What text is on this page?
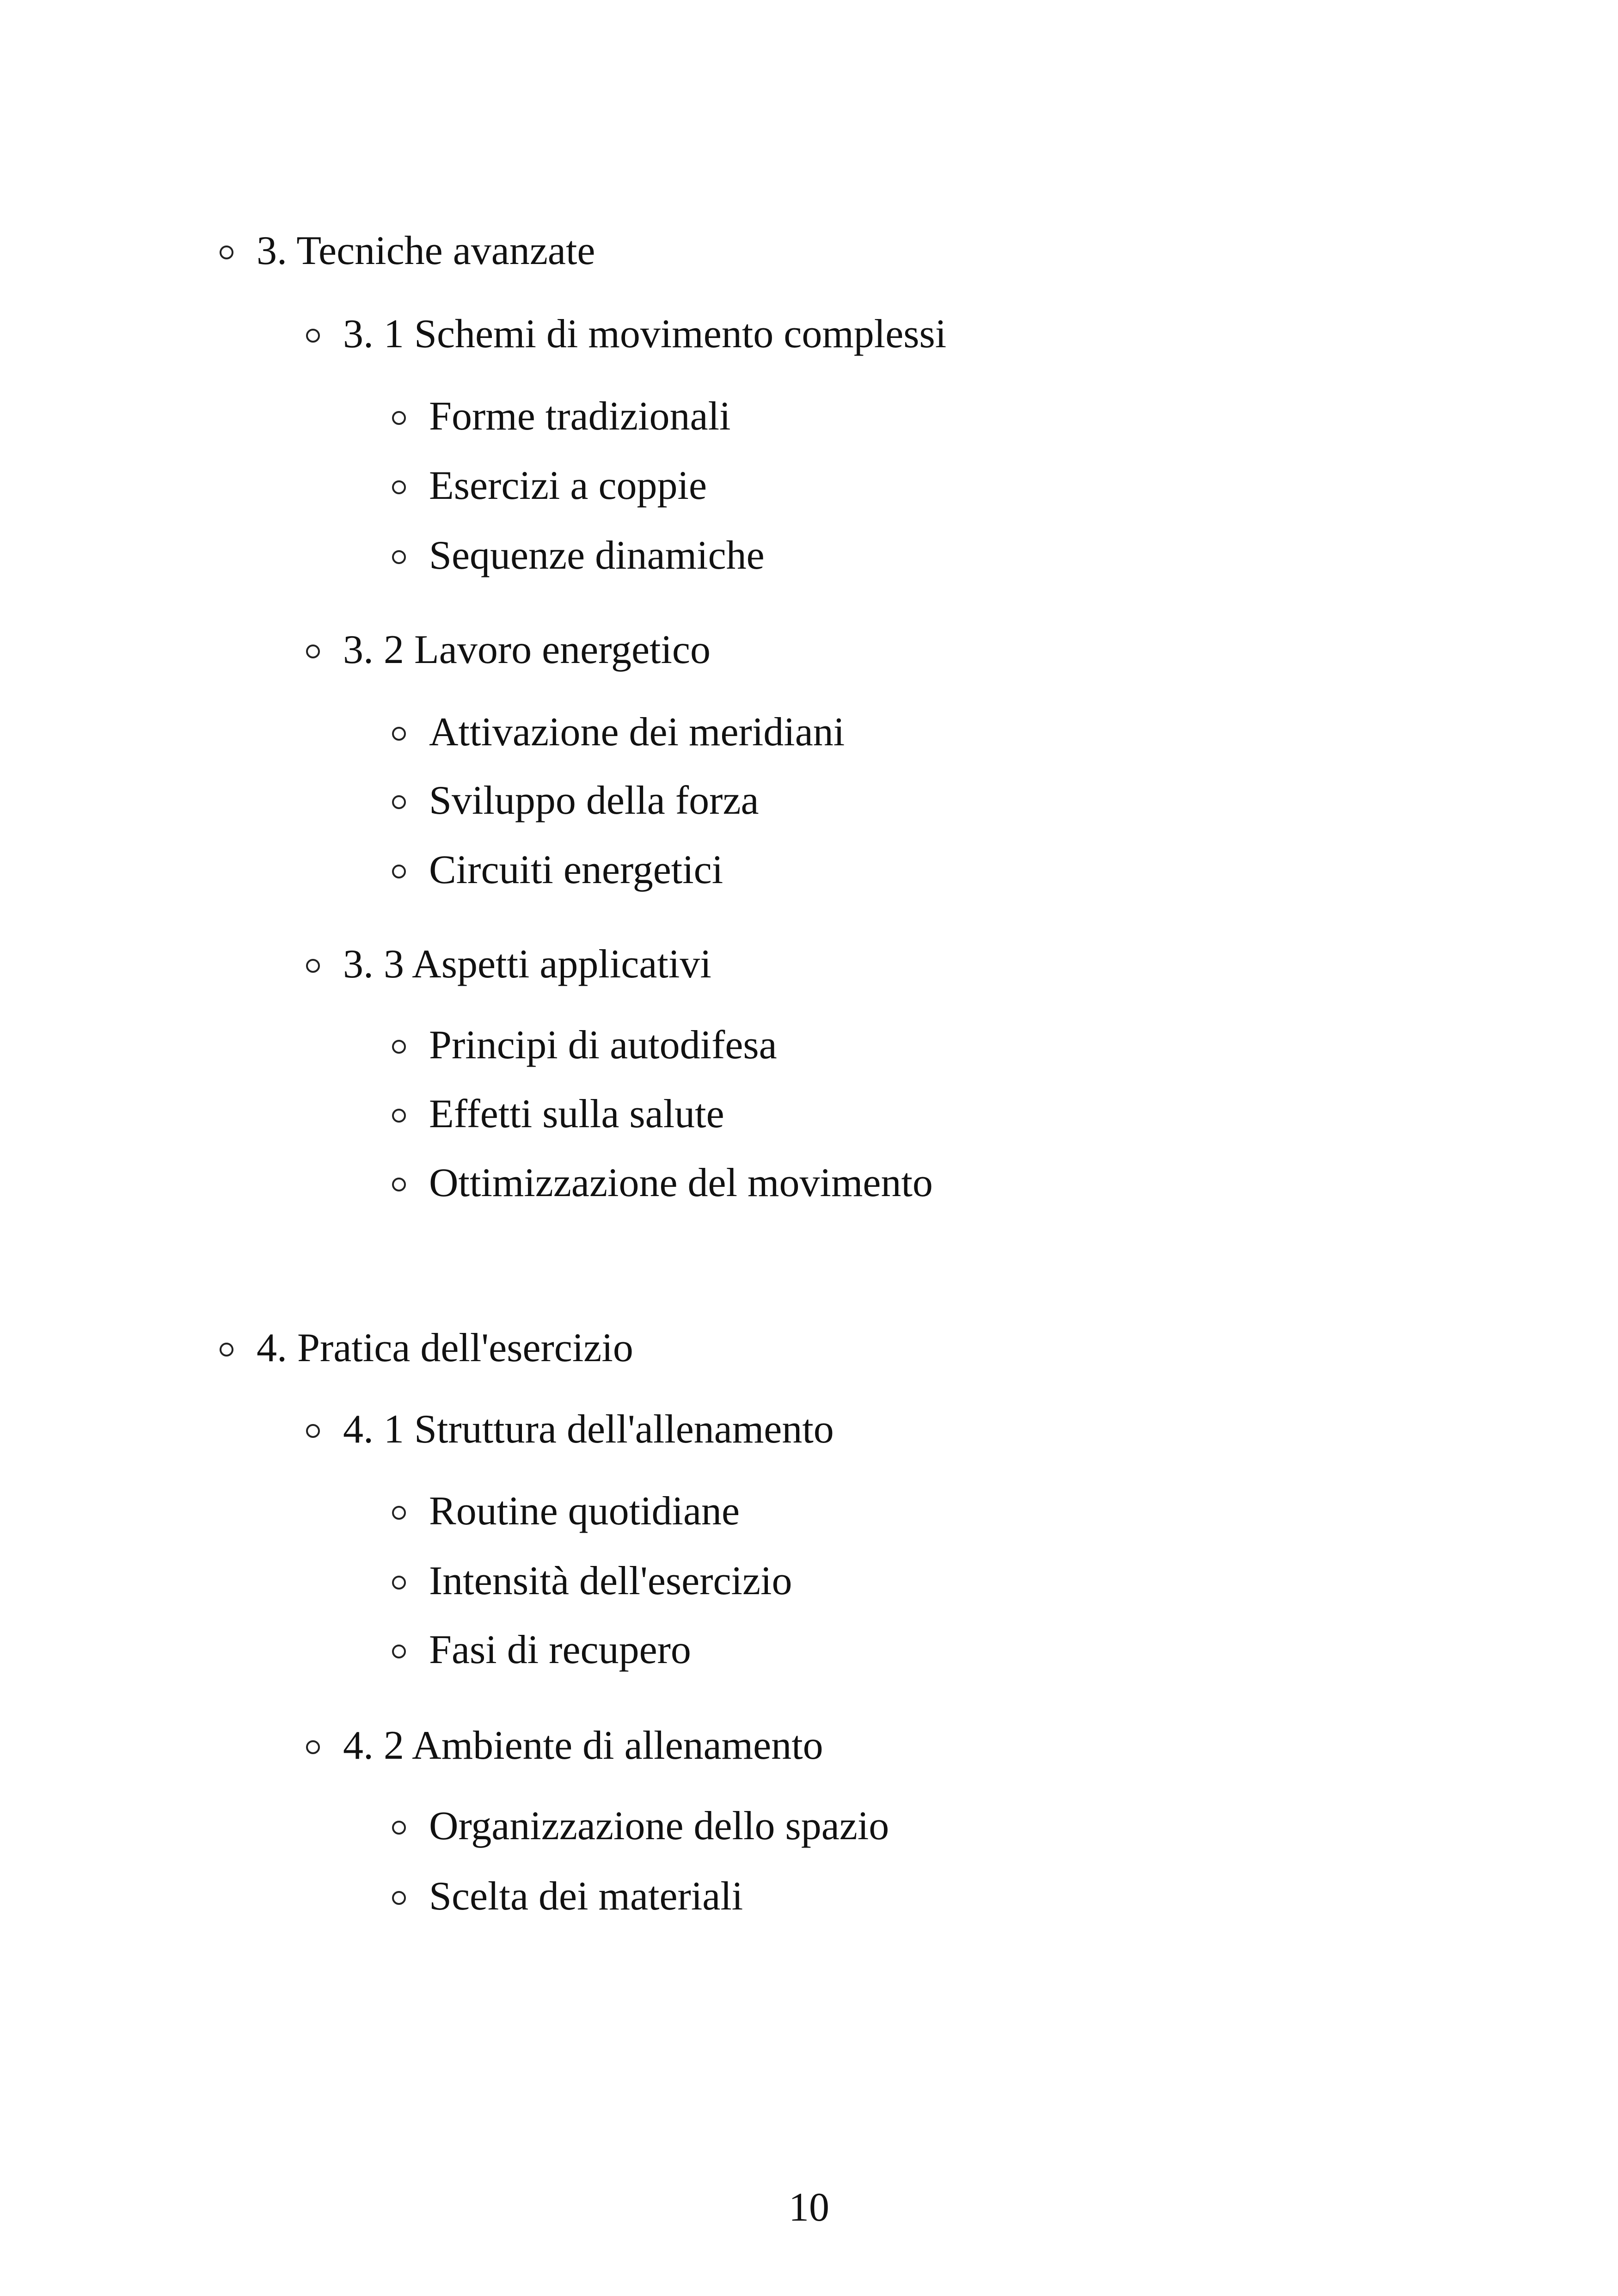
3. Tecniche avanzate
3. 1 Schemi di movimento complessi
Forme tradizionali
Esercizi a coppie
Sequenze dinamiche
3. 2 Lavoro energetico
Attivazione dei meridiani
Sviluppo della forza
Circuiti energetici
3. 3 Aspetti applicativi
Principi di autodifesa
Effetti sulla salute
Ottimizzazione del movimento
4. Pratica dell'esercizio
4. 1 Struttura dell'allenamento
Routine quotidiane
Intensità dell'esercizio
Fasi di recupero
4. 2 Ambiente di allenamento
Organizzazione dello spazio
Scelta dei materiali
10
